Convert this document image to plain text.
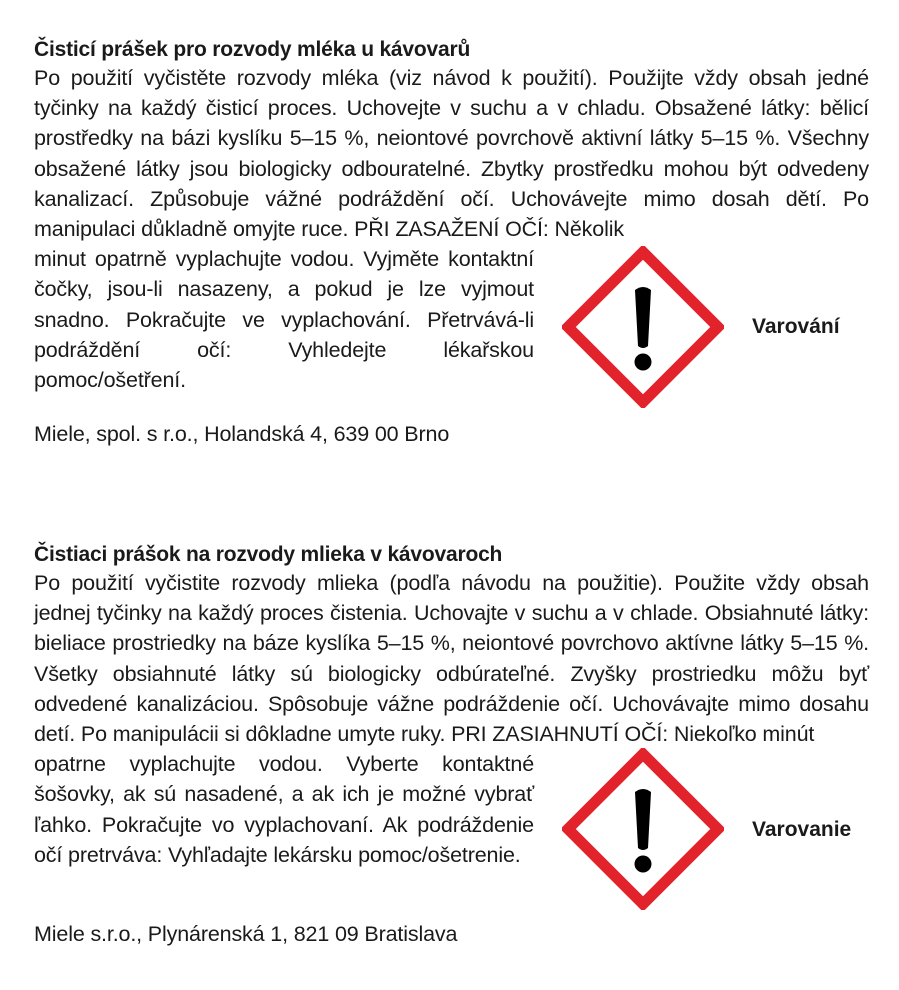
Čisticí prášek pro rozvody mléka u kávovarů

Po použití vyčistěte rozvody mléka (viz návod k použití). Použijte vždy obsah jedné tyčinky na každý čisticí proces. Uchovejte v suchu a v chladu. Obsažené látky: bělicí prostředky na bázi kyslíku 5–15 %, neiontové povrchově aktivní látky 5–15 %. Všechny obsažené látky jsou biologicky odbouratelné. Zbytky prostředku mohou být odvedeny kanalizací. Způsobuje vážné podráždění očí. Uchovávejte mimo dosah dětí. Po manipulaci důkladně omyjte ruce. PŘI ZASAŽENÍ OČÍ: Několik

minut opatrně vyplachujte vodou. Vyjměte kontaktní čočky, jsou-li nasazeny, a pokud je lze vyjmout snadno. Pokračujte ve vyplachování. Přetrvává-li podráždění očí: Vyhledejte lékařskou pomoc/ošetření.
Varování
Miele, spol. s r.o., Holandská 4, 639 00 Brno
Čistiaci prášok na rozvody mlieka v kávovaroch

Po použití vyčistite rozvody mlieka (podľa návodu na použitie). Použite vždy obsah jednej tyčinky na každý proces čistenia. Uchovajte v suchu a v chlade. Obsiahnuté látky: bieliace prostriedky na báze kyslíka 5–15 %, neiontové povrchovo aktívne látky 5–15 %. Všetky obsiahnuté látky sú biologicky odbúrateľné. Zvyšky prostriedku môžu byť odvedené kanalizáciou. Spôsobuje vážne podráždenie očí. Uchovávajte mimo dosahu detí. Po manipulácii si dôkladne umyte ruky. PRI ZASIAHNUTÍ OČÍ: Niekoľko minút

opatrne vyplachujte vodou. Vyberte kontaktné šošovky, ak sú nasadené, a ak ich je možné vybrať ľahko. Pokračujte vo vyplachovaní. Ak podráždenie očí pretrváva: Vyhľadajte lekársku pomoc/ošetrenie.
Varovanie
Miele s.r.o., Plynárenská 1, 821 09 Bratislava
